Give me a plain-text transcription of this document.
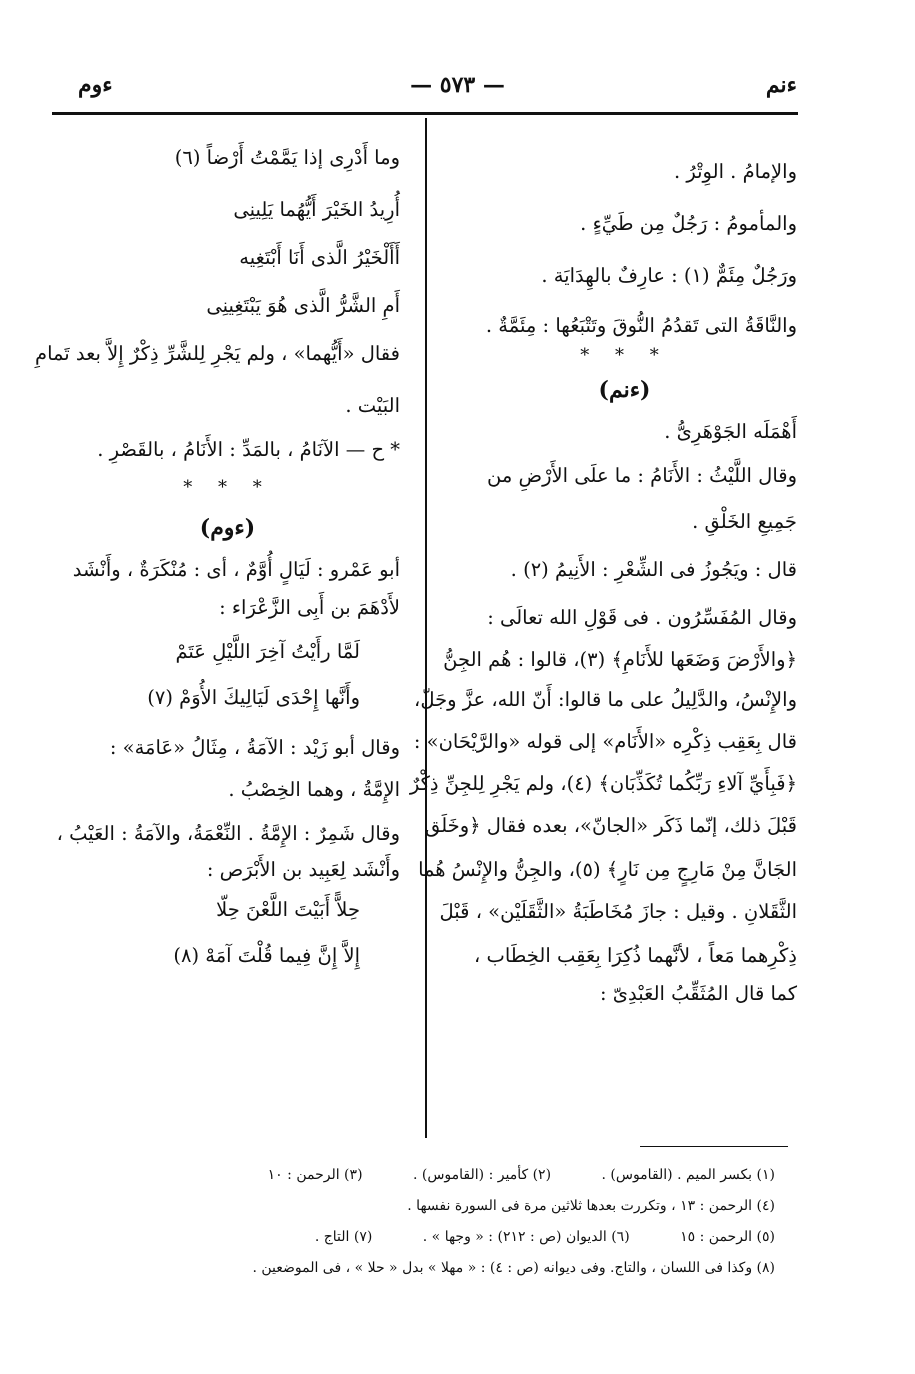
ءنم
— ٥٧٣ —
ءوم
والإمامُ . الوِتْرُ .
والمأمومُ : رَجُلٌ مِن طَيِّءٍ .
ورَجُلٌ مِئَمٌّ (١) : عارِفٌ بالهِدَايَة .
والنَّاقَةُ التى تَقدُمُ النُّوقَ وتَتْبَعُها : مِئَمَّةٌ .
* * *
(ءنم)
أَهْمَلَه الجَوْهَرِىُّ .
وقال اللَّيْثُ : الأَنَامُ : ما علَى الأَرْضِ من
جَمِيعِ الخَلْقِ .
قال : ويَجُوزُ فى الشِّعْرِ : الأَنِيمُ (٢) .
وقال المُفَسِّرُون . فى قَوْلِ الله تعالَى :
﴿والأَرْضَ وَضَعَها للأَنَامِ﴾ (٣)، قالوا : هُم الجِنُّ
والإِنْسُ، والدَّلِيلُ على ما قالوا: أَنّ الله، عزَّ وجَلّ،
قال بِعَقِب ذِكْرِه «الأَنَام» إلى قوله «والرَّيْحَان» :
﴿فَبِأَيِّ آلاءِ رَبِّكُما تُكَذِّبَان﴾ (٤)، ولم يَجْرِ لِلجِنِّ ذِكْرٌ
قَبْلَ ذلك، إنّما ذَكَر «الجانّ»، بعده فقال ﴿وخَلَق
الجَانَّ مِنْ مَارِجٍ مِن نَارٍ﴾ (٥)، والجِنُّ والإِنْسُ هُما
الثَّقَلانِ . وقيل : جازَ مُخَاطَبَةُ «الثَّقَلَيْن» ، قَبْلَ
ذِكْرِهما مَعاً ، لأنَّهما ذُكِرَا بِعَقِب الخِطَاب ،
كما قال المُثَقِّبُ العَبْدِىّ :
وما أَدْرِى إذا يَمَّمْتُ أَرْضاً (٦)
أُرِيدُ الخَيْرَ أَيُّهُما يَلِينِى
أَأَلْخَيْرُ الَّذى أَنَا أَبْتَغِيه
أَمِ الشَّرُّ الَّذى هُوَ يَبْتَغِينِى
فقال «أَيُّهما» ، ولم يَجْرِ لِلشَّرِّ ذِكْرٌ إِلاَّ بعد تَمامِ
البَيْت .
* ح — الآنَامُ ، بالمَدِّ : الأَنَامُ ، بالقَصْرِ .
* * *
(ءوم)
أبو عَمْرو : لَيَالٍ أُوَّمٌ ، أى : مُنْكَرَةٌ ، وأَنْشَد
لأَدْهَمَ بن أَبِى الزَّعْرَاء :
لَمَّا رأَيْتُ آخِرَ اللَّيْلِ عَتَمْ
وأَنَّها إِحْدَى لَيَالِيكَ الأُوَمْ (٧)
وقال أبو زَيْد : الآمَةُ ، مِثَالُ «عَامَة» :
الإِمَّةُ ، وهما الخِصْبُ .
وقال شَمِرٌ : الإِمَّةُ . النِّعْمَةُ، والآمَةُ : العَيْبُ ،
وأَنْشَد لِعَبِيد بن الأَبْرَص :
حِلاًّ أَبَيْتَ اللَّعْنَ حِلّا
إِلاَّ إِنَّ فِيما قُلْتَ آمَهْ (٨)
(١) بكسر الميم . (القاموس) . (٢) كأمير : (القاموس) . (٣) الرحمن : ١٠
(٤) الرحمن : ١٣ ، وتكررت بعدها ثلاثين مرة فى السورة نفسها .
(٥) الرحمن : ١٥ (٦) الديوان (ص : ٢١٢) : « وجها » . (٧) التاج .
(٨) وكذا فى اللسان ، والتاج. وفى ديوانه (ص : ٤) : « مهلا » بدل « حلا » ، فى الموضعين .
